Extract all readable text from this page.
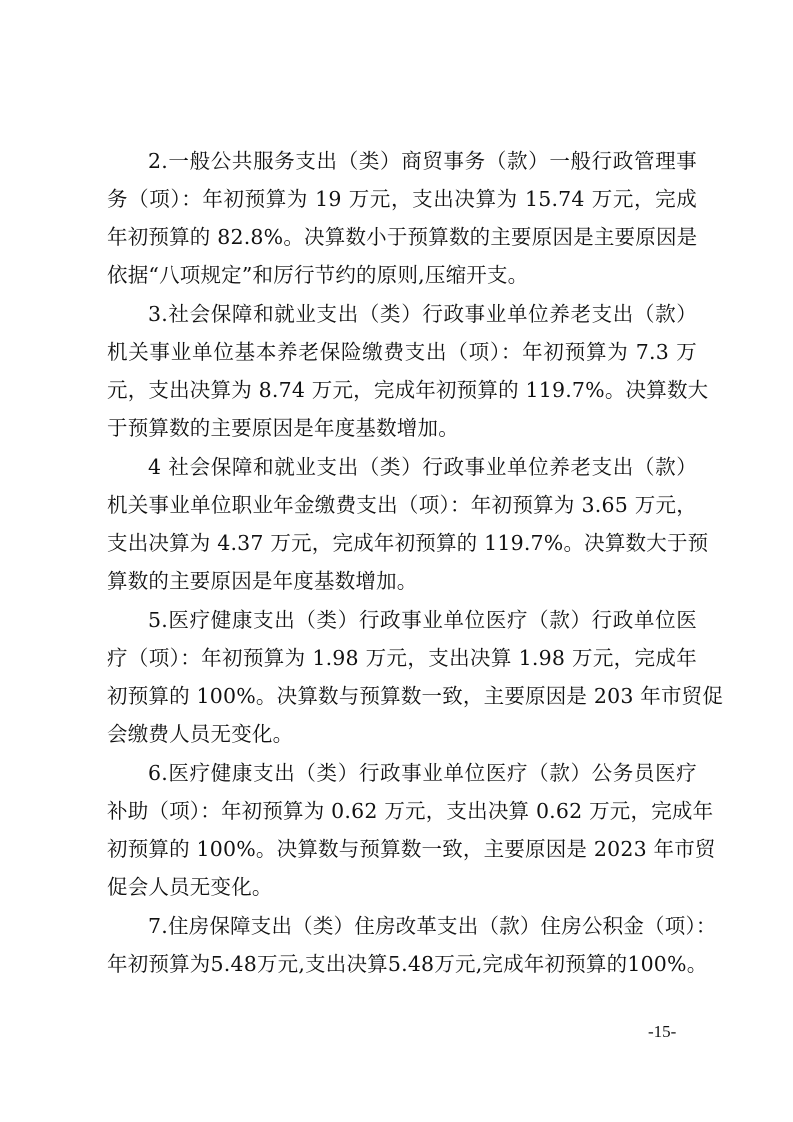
2.一般公共服务支出（类）商贸事务（款）一般行政管理事
务（项）：年初预算为 19 万元，支出决算为 15.74 万元，完成
年初预算的 82.8%。决算数小于预算数的主要原因是主要原因是
依据“八项规定”和厉行节约的原则,压缩开支。
3.社会保障和就业支出（类）行政事业单位养老支出（款）
机关事业单位基本养老保险缴费支出（项）：年初预算为 7.3 万
元，支出决算为 8.74 万元，完成年初预算的 119.7%。决算数大
于预算数的主要原因是年度基数增加。
4 社会保障和就业支出（类）行政事业单位养老支出（款）
机关事业单位职业年金缴费支出（项）：年初预算为 3.65 万元，
支出决算为 4.37 万元，完成年初预算的 119.7%。决算数大于预
算数的主要原因是年度基数增加。
5.医疗健康支出（类）行政事业单位医疗（款）行政单位医
疗（项）：年初预算为 1.98 万元，支出决算 1.98 万元，完成年
初预算的 100%。决算数与预算数一致，主要原因是 203 年市贸促
会缴费人员无变化。
6.医疗健康支出（类）行政事业单位医疗（款）公务员医疗
补助（项）：年初预算为 0.62 万元，支出决算 0.62 万元，完成年
初预算的 100%。决算数与预算数一致，主要原因是 2023 年市贸
促会人员无变化。
7.住房保障支出（类）住房改革支出（款）住房公积金（项）：
年初预算为5.48万元,支出决算5.48万元,完成年初预算的100%。
-15-
